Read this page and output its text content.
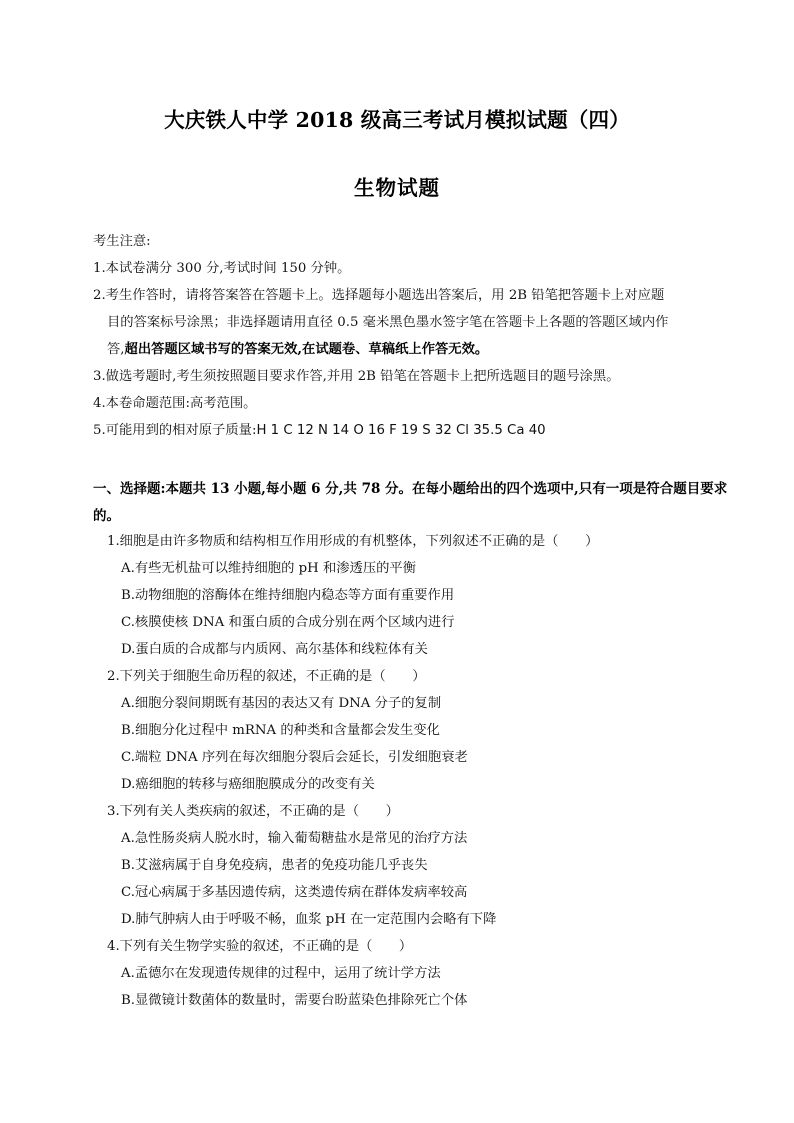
大庆铁人中学 2018 级高三考试月模拟试题（四）
生物试题
考生注意:
1.本试卷满分 300 分,考试时间 150 分钟。
2.考生作答时，请将答案答在答题卡上。选择题每小题选出答案后，用 2B 铅笔把答题卡上对应题
目的答案标号涂黑；非选择题请用直径 0.5 毫米黑色墨水签字笔在答题卡上各题的答题区域内作
答,超出答题区域书写的答案无效,在试题卷、草稿纸上作答无效。
3.做选考题时,考生须按照题目要求作答,并用 2B 铅笔在答题卡上把所选题目的题号涂黑。
4.本卷命题范围:高考范围。
5.可能用到的相对原子质量:H 1 C 12 N 14 O 16 F 19 S 32 Cl 35.5 Ca 40
一、选择题:本题共 13 小题,每小题 6 分,共 78 分。在每小题给出的四个选项中,只有一项是符合题目要求的。
1.细胞是由许多物质和结构相互作用形成的有机整体，下列叙述不正确的是（　　）
A.有些无机盐可以维持细胞的 pH 和渗透压的平衡
B.动物细胞的溶酶体在维持细胞内稳态等方面有重要作用
C.核膜使核 DNA 和蛋白质的合成分别在两个区域内进行
D.蛋白质的合成都与内质网、高尔基体和线粒体有关
2.下列关于细胞生命历程的叙述，不正确的是（　　）
A.细胞分裂间期既有基因的表达又有 DNA 分子的复制
B.细胞分化过程中 mRNA 的种类和含量都会发生变化
C.端粒 DNA 序列在每次细胞分裂后会延长，引发细胞衰老
D.癌细胞的转移与癌细胞膜成分的改变有关
3.下列有关人类疾病的叙述，不正确的是（　　）
A.急性肠炎病人脱水时，输入葡萄糖盐水是常见的治疗方法
B.艾滋病属于自身免疫病，患者的免疫功能几乎丧失
C.冠心病属于多基因遗传病，这类遗传病在群体发病率较高
D.肺气肿病人由于呼吸不畅，血浆 pH 在一定范围内会略有下降
4.下列有关生物学实验的叙述，不正确的是（　　）
A.孟德尔在发现遗传规律的过程中，运用了统计学方法
B.显微镜计数菌体的数量时，需要台盼蓝染色排除死亡个体
